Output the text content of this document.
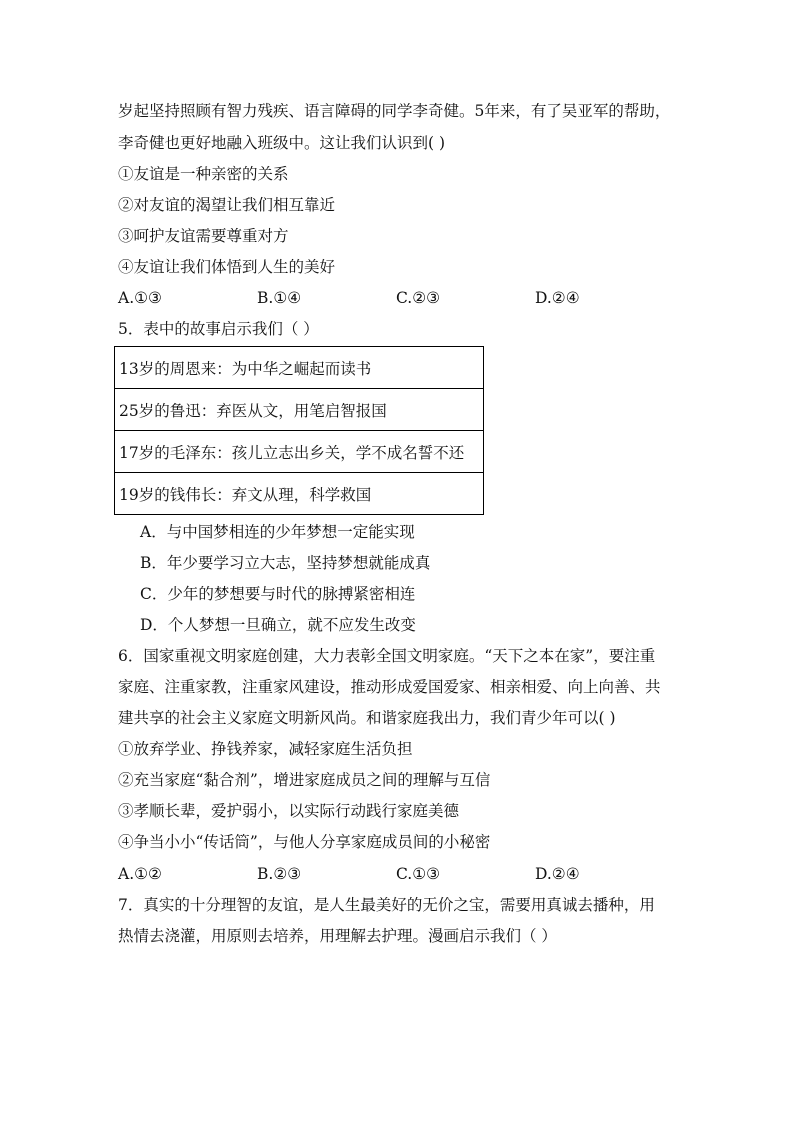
岁起坚持照顾有智力残疾、语言障碍的同学李奇健。5年来，有了吴亚军的帮助，
李奇健也更好地融入班级中。这让我们认识到( )
①友谊是一种亲密的关系
②对友谊的渴望让我们相互靠近
③呵护友谊需要尊重对方
④友谊让我们体悟到人生的美好
A.①③	B.①④	C.②③	D.②④
5．表中的故事启示我们（ ）
13岁的周恩来：为中华之崛起而读书
25岁的鲁迅：弃医从文，用笔启智报国
17岁的毛泽东：孩儿立志出乡关，学不成名誓不还
19岁的钱伟长：弃文从理，科学救国
A．与中国梦相连的少年梦想一定能实现
B．年少要学习立大志，坚持梦想就能成真
C．少年的梦想要与时代的脉搏紧密相连
D．个人梦想一旦确立，就不应发生改变
6．国家重视文明家庭创建，大力表彰全国文明家庭。“天下之本在家”，要注重
家庭、注重家教，注重家风建设，推动形成爱国爱家、相亲相爱、向上向善、共
建共享的社会主义家庭文明新风尚。和谐家庭我出力，我们青少年可以( )
①放弃学业、挣钱养家，减轻家庭生活负担
②充当家庭“黏合剂”，增进家庭成员之间的理解与互信
③孝顺长辈，爱护弱小，以实际行动践行家庭美德
④争当小小“传话筒”，与他人分享家庭成员间的小秘密
A.①②	B.②③	C.①③	D.②④
7．真实的十分理智的友谊，是人生最美好的无价之宝，需要用真诚去播种，用
热情去浇灌，用原则去培养，用理解去护理。漫画启示我们（ ）
